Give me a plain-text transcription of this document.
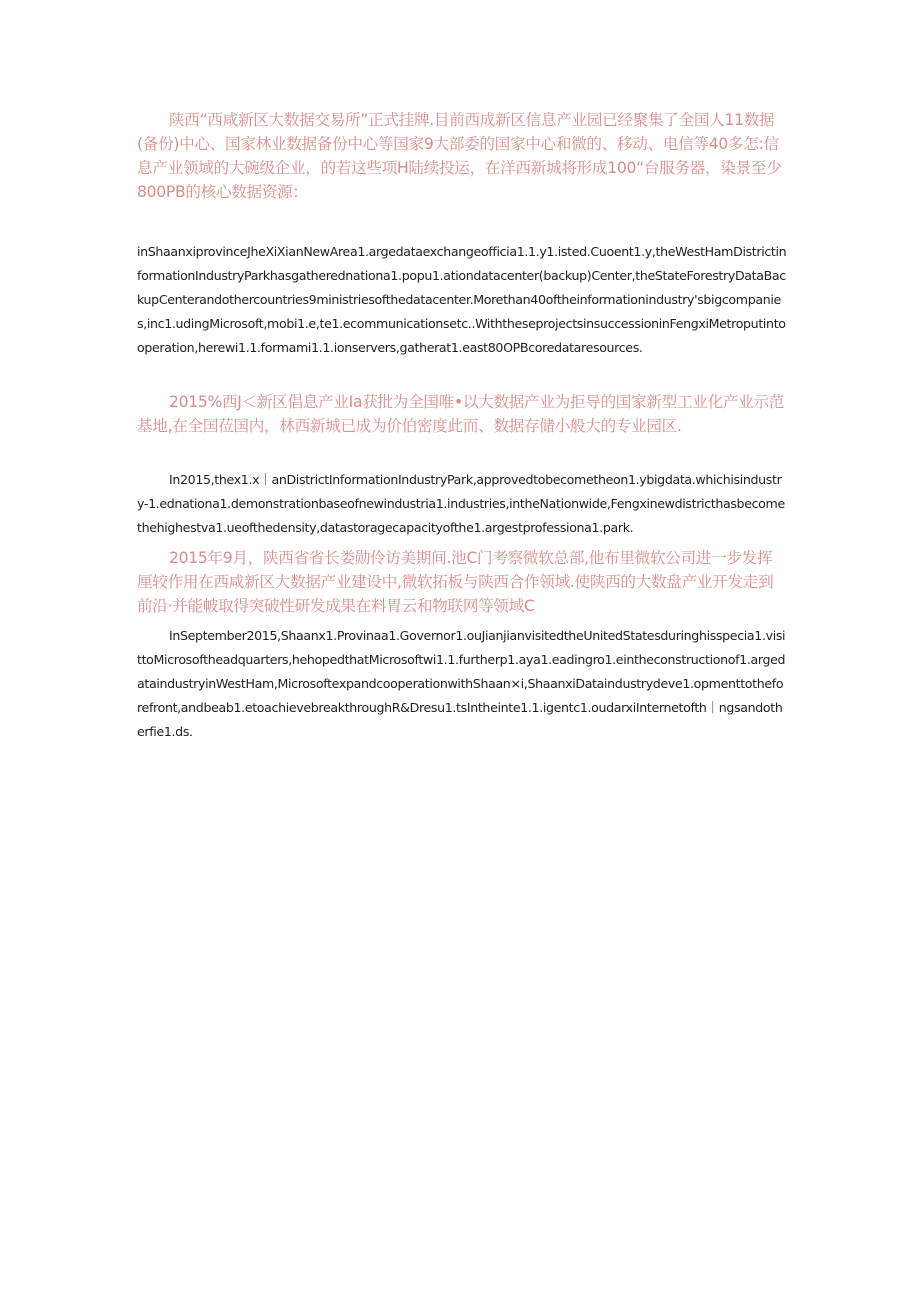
陕西“西咸新区大数据交易所”正式挂牌.目前西成新区信息产业园已经聚集了全国人11数据(备份)中心、国家林业数据备份中心等国家9大部委的国家中心和微的、移动、电信等40多怎:信息产业领域的大碗级企业，的若这些项H陆续投运，在洋西新城将形成100“台服务器，染景至少800PB的核心数据资源：

inShaanxiprovinceJheXiXianNewArea1.argedataexchangeofficia1.1.y1.isted.Cuoent1.y,theWestHamDistrictinformationIndustryParkhasgatherednationa1.popu1.ationdatacenter(backup)Center,theStateForestryDataBackupCenterandothercountries9ministriesofthedatacenter.Morethan40oftheinformationindustry'sbigcompanies,inc1.udingMicrosoft,mobi1.e,te1.ecommunicationsetc..WiththeseprojectsinsuccessioninFengxiMetroputintooperation,herewi1.1.formami1.1.ionservers,gatherat1.east80OPBcoredataresources.

2015%西J＜新区倡息产业Ia获批为全国唯•以大数据产业为拒导的国家新型工业化产业示范基地,在全国莅国内，林西新城已成为价伯密度此而、数据存储小般大的专业园区.

In2015,thex1.x｜anDistrictInformationIndustryPark,approvedtobecometheon1.ybigdata.whichisindustry-1.ednationa1.demonstrationbaseofnewindustria1.industries,intheNationwide,Fengxinewdistricthasbecomethehighestva1.ueofthedensity,datastoragecapacityofthe1.argestprofessiona1.park.

2015年9月，陕西省省长娄勋伶访美期间.池C门考察微软总部,他布里微软公司进一步发挥厘较作用在西咸新区大数据产业建设中,微软拓板与陕西合作领域.使陕西的大数盘产业开发走到前沿·并能帔取得突破性研发成果在料胃云和物联网等领域C

InSeptember2015,Shaanx1.Provinaa1.Governor1.ouJianjianvisitedtheUnitedStatesduringhisspecia1.visittoMicrosoftheadquarters,hehopedthatMicrosoftwi1.1.furtherp1.aya1.eadingro1.eintheconstructionof1.argedataindustryinWestHam,MicrosoftexpandcooperationwithShaan×i,ShaanxiDataindustrydeve1.opmenttotheforefront,andbeab1.etoachievebreakthroughR&Dresu1.tsIntheinte1.1.igentc1.oudarxiInternetofth｜ngsandotherfie1.ds.
